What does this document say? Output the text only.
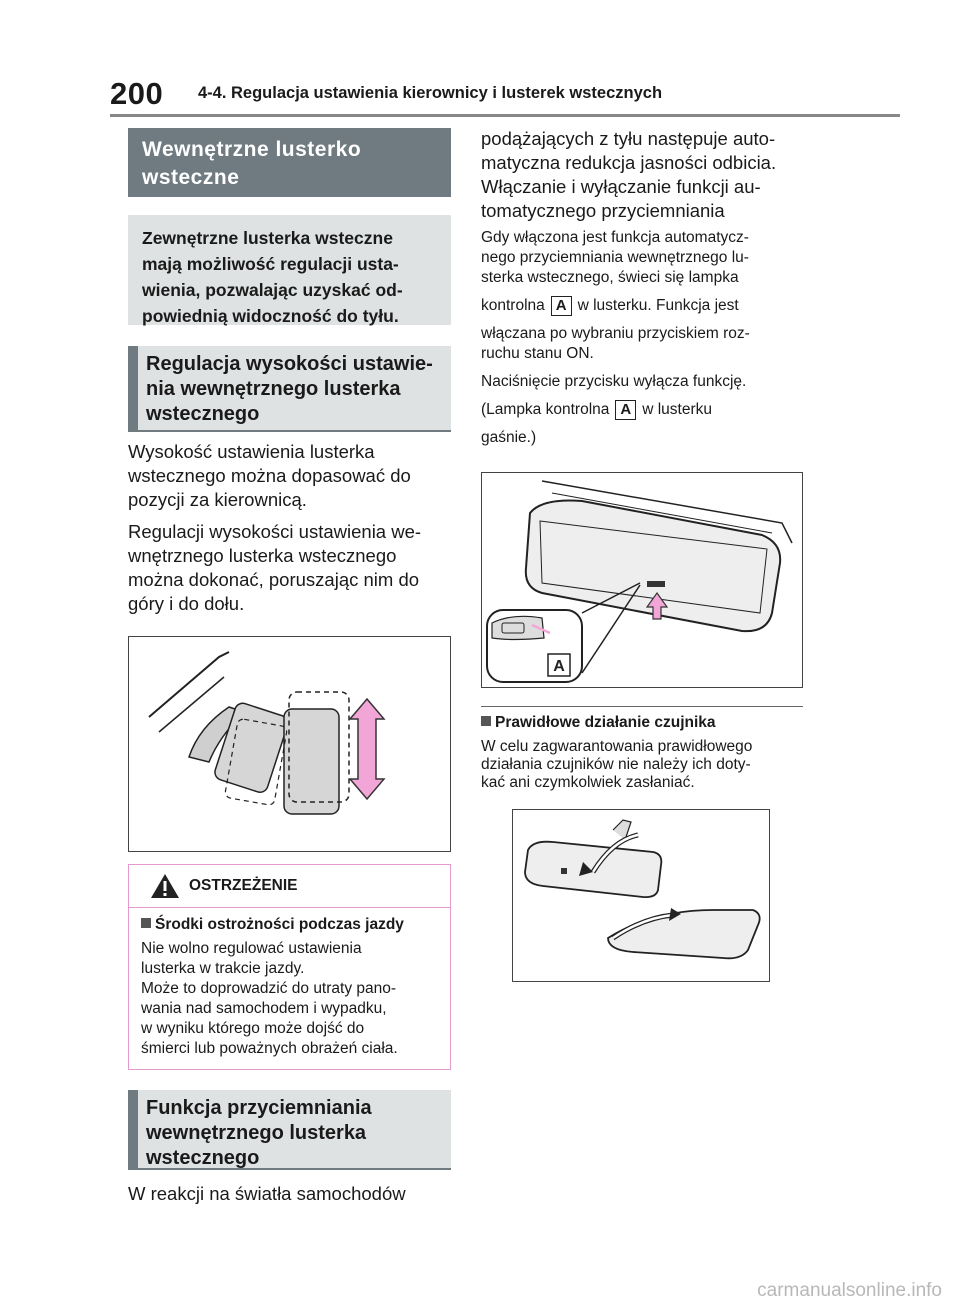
200 4-4. Regulacja ustawienia kierownicy i lusterek wstecznych
Wewnętrzne lusterko
wsteczne
Zewnętrzne lusterka wsteczne
mają możliwość regulacji usta-
wienia, pozwalając uzyskać od-
powiednią widoczność do tyłu.
Regulacja wysokości ustawie-
nia wewnętrznego lusterka
wstecznego
Wysokość ustawienia lusterka
wstecznego można dopasować do
pozycji za kierownicą.
Regulacji wysokości ustawienia we-
wnętrznego lusterka wstecznego
można dokonać, poruszając nim do
góry i do dołu.
OSTRZEŻENIE
Środki ostrożności podczas jazdy
Nie wolno regulować ustawienia
lusterka w trakcie jazdy.
Może to doprowadzić do utraty pano-
wania nad samochodem i wypadku,
w wyniku którego może dojść do
śmierci lub poważnych obrażeń ciała.
Funkcja przyciemniania
wewnętrznego lusterka
wstecznego
W reakcji na światła samochodów
podążających z tyłu następuje auto-
matyczna redukcja jasności odbicia.
Włączanie i wyłączanie funkcji au-
tomatycznego przyciemniania
Gdy włączona jest funkcja automatycz-
nego przyciemniania wewnętrznego lu-
sterka wstecznego, świeci się lampka
kontrolna A w lusterku. Funkcja jest
włączana po wybraniu przyciskiem roz-
ruchu stanu ON.
Naciśnięcie przycisku wyłącza funkcję.
(Lampka kontrolna A w lusterku
gaśnie.)
A
Prawidłowe działanie czujnika
W celu zagwarantowania prawidłowego
działania czujników nie należy ich doty-
kać ani czymkolwiek zasłaniać.
carmanualsonline.info
